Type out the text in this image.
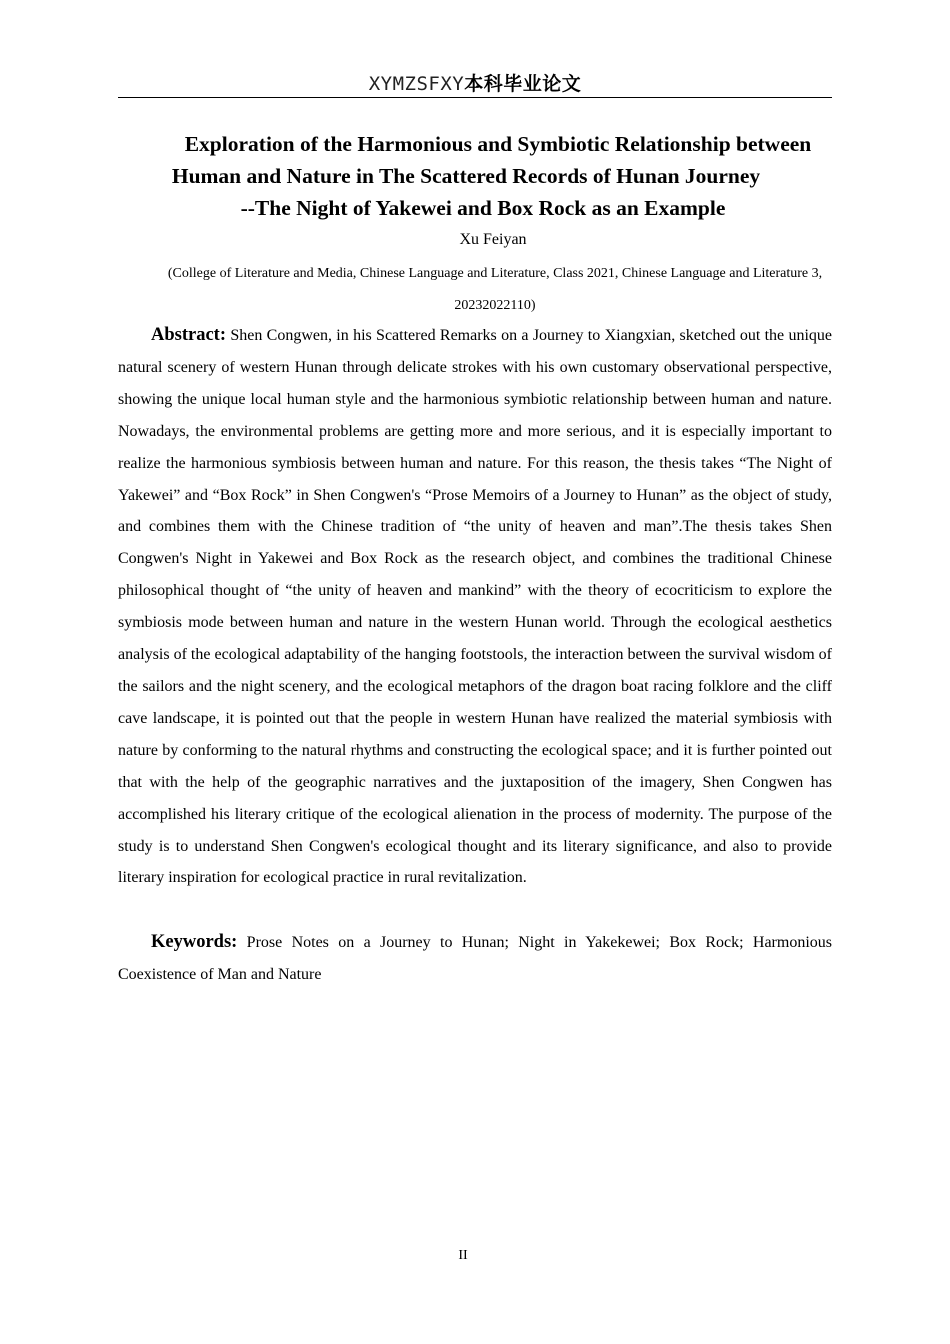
XYMZSFXY本科毕业论文
Exploration of the Harmonious and Symbiotic Relationship between
Human and Nature in The Scattered Records of Hunan Journey
--The Night of Yakewei and Box Rock as an Example
Xu Feiyan
(College of Literature and Media, Chinese Language and Literature, Class 2021, Chinese Language and Literature 3, 20232022110)

Abstract: Shen Congwen, in his Scattered Remarks on a Journey to Xiangxian, sketched out the unique natural scenery of western Hunan through delicate strokes with his own customary observational perspective, showing the unique local human style and the harmonious symbiotic relationship between human and nature. Nowadays, the environmental problems are getting more and more serious, and it is especially important to realize the harmonious symbiosis between human and nature. For this reason, the thesis takes “The Night of Yakewei” and “Box Rock” in Shen Congwen's “Prose Memoirs of a Journey to Hunan” as the object of study, and combines them with the Chinese tradition of “the unity of heaven and man”.The thesis takes Shen Congwen's Night in Yakewei and Box Rock as the research object, and combines the traditional Chinese philosophical thought of “the unity of heaven and mankind” with the theory of ecocriticism to explore the symbiosis mode between human and nature in the western Hunan world. Through the ecological aesthetics analysis of the ecological adaptability of the hanging footstools, the interaction between the survival wisdom of the sailors and the night scenery, and the ecological metaphors of the dragon boat racing folklore and the cliff cave landscape, it is pointed out that the people in western Hunan have realized the material symbiosis with nature by conforming to the natural rhythms and constructing the ecological space; and it is further pointed out that with the help of the geographic narratives and the juxtaposition of the imagery, Shen Congwen has accomplished his literary critique of the ecological alienation in the process of modernity. The purpose of the study is to understand Shen Congwen's ecological thought and its literary significance, and also to provide literary inspiration for ecological practice in rural revitalization.

Keywords: Prose Notes on a Journey to Hunan; Night in Yakekewei; Box Rock; Harmonious Coexistence of Man and Nature

II
